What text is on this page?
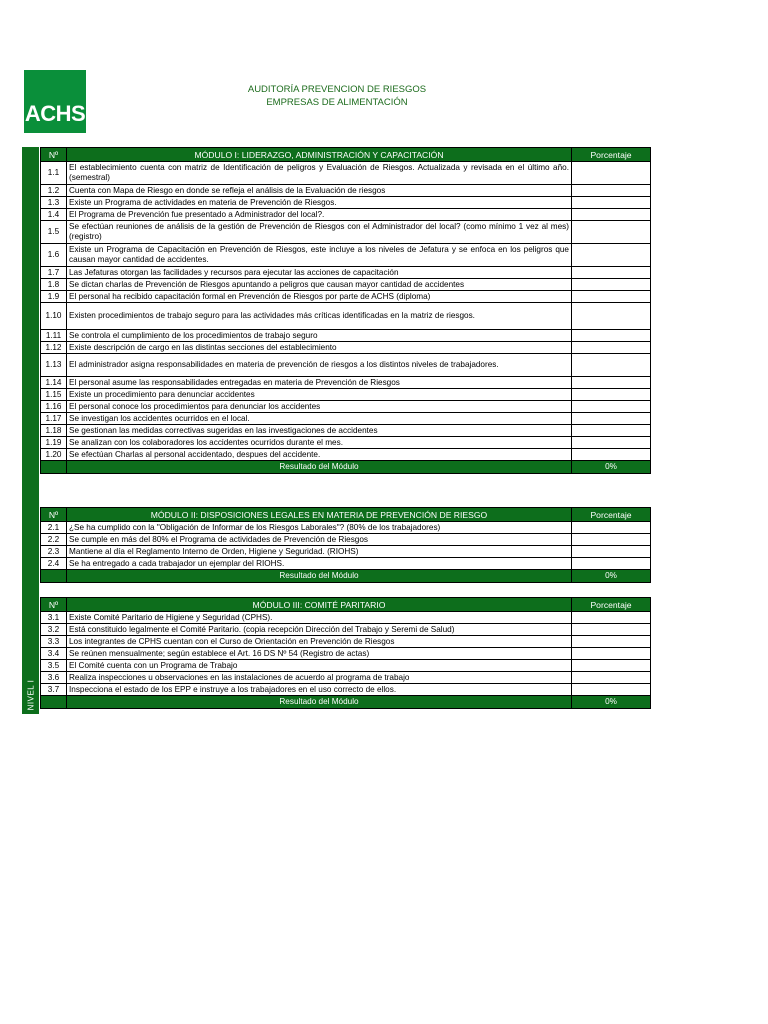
ACHS
AUDITORÍA PREVENCION DE RIESGOS
EMPRESAS DE ALIMENTACIÓN
NIVEL I
Nº	MÓDULO I: LIDERAZGO, ADMINISTRACIÓN Y CAPACITACIÓN	Porcentaje
1.1	El establecimiento cuenta con matriz de Identificación de peligros y Evaluación de Riesgos. Actualizada y revisada en el último año. (semestral)	
1.2	Cuenta con Mapa de Riesgo en donde se refleja el análisis de la Evaluación de riesgos	
1.3	Existe un Programa de actividades en materia de Prevención de Riesgos.	
1.4	El Programa de Prevención fue presentado a Administrador del local?.	
1.5	Se efectúan reuniones de análisis de la gestión de Prevención de Riesgos con el Administrador del local? (como mínimo 1 vez al mes) (registro)	
1.6	Existe un Programa de Capacitación en Prevención de Riesgos, este incluye a los niveles de Jefatura y se enfoca en los peligros que causan mayor cantidad de accidentes.	
1.7	Las Jefaturas otorgan las facilidades y recursos para ejecutar las acciones de capacitación	
1.8	Se dictan charlas de Prevención de Riesgos apuntando a peligros que causan mayor cantidad de accidentes	
1.9	El personal ha recibido capacitación formal en Prevención de Riesgos por parte de ACHS (diploma)	
1.10	Existen procedimientos de trabajo seguro para las actividades más críticas identificadas en la matriz de riesgos.	
1.11	Se controla el cumplimiento de los procedimientos de trabajo seguro	
1.12	Existe descripción de cargo en las distintas secciones del establecimiento	
1.13	El administrador asigna responsabilidades en materia de prevención de riesgos a los distintos niveles de trabajadores.	
1.14	El personal asume las responsabilidades entregadas en materia de Prevención de Riesgos	
1.15	Existe un procedimiento para denunciar accidentes	
1.16	El personal conoce los procedimientos para denunciar los accidentes	
1.17	Se investigan los accidentes ocurridos en el local.	
1.18	Se gestionan las medidas correctivas sugeridas en las investigaciones de accidentes	
1.19	Se analizan con los colaboradores los accidentes ocurridos durante el mes.	
1.20	Se efectúan Charlas al personal accidentado, despues del accidente.	
	Resultado del Módulo	0%
Nº	MÓDULO II: DISPOSICIONES LEGALES EN MATERIA DE PREVENCIÓN DE RIESGO	Porcentaje
2.1	¿Se ha cumplido con la "Obligación de Informar de los Riesgos Laborales"? (80% de los trabajadores)	
2.2	Se cumple en más del 80% el Programa de actividades de Prevención de Riesgos	
2.3	Mantiene al día el Reglamento Interno de Orden, Higiene y Seguridad. (RIOHS)	
2.4	Se ha entregado a cada trabajador un ejemplar del RIOHS.	
	Resultado del Módulo	0%
Nº	MÓDULO III: COMITÉ PARITARIO	Porcentaje
3.1	Existe Comité Paritario de Higiene y Seguridad (CPHS).	
3.2	Está constituido legalmente el Comité Paritario. (copia recepción Dirección del Trabajo y Seremi de Salud)	
3.3	Los integrantes de CPHS cuentan con el Curso de Orientación en Prevención de Riesgos	
3.4	Se reúnen mensualmente; según establece el Art. 16 DS Nº 54 (Registro de actas)	
3.5	El Comité cuenta con un Programa de Trabajo	
3.6	Realiza inspecciones u observaciones en las instalaciones de acuerdo al programa de trabajo	
3.7	Inspecciona el estado de los EPP e instruye a los trabajadores en el uso correcto de ellos.	
	Resultado del Módulo	0%
